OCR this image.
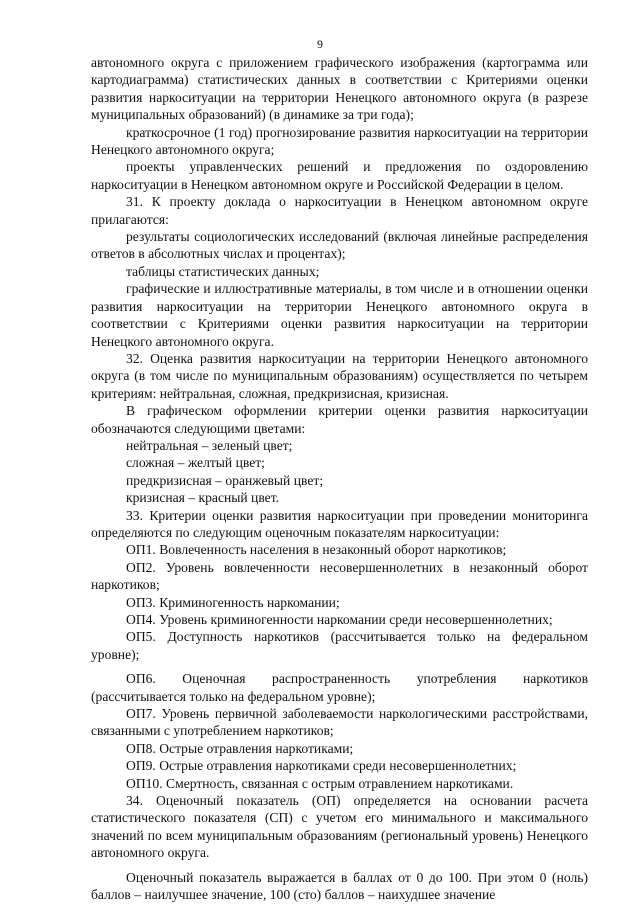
9

автономного округа с приложением графического изображения (картограмма или картодиаграмма) статистических данных в соответствии с Критериями оценки развития наркоситуации на территории Ненецкого автономного округа (в разрезе муниципальных образований) (в динамике за три года);

краткосрочное (1 год) прогнозирование развития наркоситуации на территории Ненецкого автономного округа;

проекты управленческих решений и предложения по оздоровлению наркоситуации в Ненецком автономном округе и Российской Федерации в целом.

31. К проекту доклада о наркоситуации в Ненецком автономном округе прилагаются:

результаты социологических исследований (включая линейные распределения ответов в абсолютных числах и процентах);

таблицы статистических данных;

графические и иллюстративные материалы, в том числе и в отношении оценки развития наркоситуации на территории Ненецкого автономного округа в соответствии с Критериями оценки развития наркоситуации на территории Ненецкого автономного округа.

32. Оценка развития наркоситуации на территории Ненецкого автономного округа (в том числе по муниципальным образованиям) осуществляется по четырем критериям: нейтральная, сложная, предкризисная, кризисная.

В графическом оформлении критерии оценки развития наркоситуации обозначаются следующими цветами:

нейтральная – зеленый цвет;

сложная – желтый цвет;

предкризисная – оранжевый цвет;

кризисная – красный цвет.

33. Критерии оценки развития наркоситуации при проведении мониторинга определяются по следующим оценочным показателям наркоситуации:

ОП1. Вовлеченность населения в незаконный оборот наркотиков;

ОП2. Уровень вовлеченности несовершеннолетних в незаконный оборот наркотиков;

ОП3. Криминогенность наркомании;

ОП4. Уровень криминогенности наркомании среди несовершеннолетних;

ОП5. Доступность наркотиков (рассчитывается только на федеральном уровне);

ОП6. Оценочная распространенность употребления наркотиков (рассчитывается только на федеральном уровне);

ОП7. Уровень первичной заболеваемости наркологическими расстройствами, связанными с употреблением наркотиков;

ОП8. Острые отравления наркотиками;

ОП9. Острые отравления наркотиками среди несовершеннолетних;

ОП10. Смертность, связанная с острым отравлением наркотиками.

34. Оценочный показатель (ОП) определяется на основании расчета статистического показателя (СП) с учетом его минимального и максимального значений по всем муниципальным образованиям (региональный уровень) Ненецкого автономного округа.

Оценочный показатель выражается в баллах от 0 до 100. При этом 0 (ноль) баллов – наилучшее значение, 100 (сто) баллов – наихудшее значение
